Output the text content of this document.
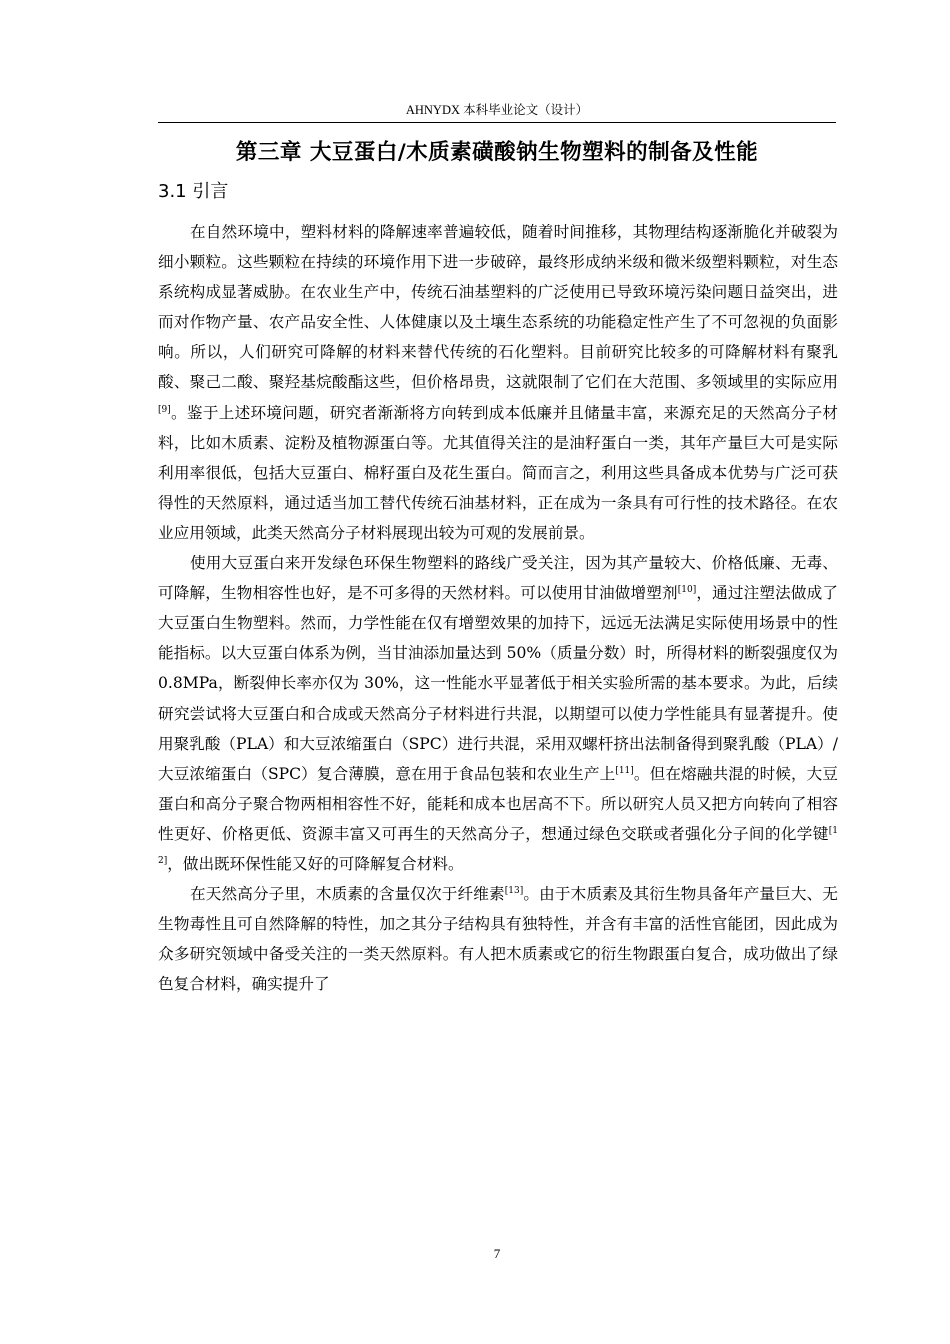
AHNYDX 本科毕业论文（设计）
第三章 大豆蛋白/木质素磺酸钠生物塑料的制备及性能
3.1 引言

在自然环境中，塑料材料的降解速率普遍较低，随着时间推移，其物理结构逐渐脆化并破裂为细小颗粒。这些颗粒在持续的环境作用下进一步破碎，最终形成纳米级和微米级塑料颗粒，对生态系统构成显著威胁。在农业生产中，传统石油基塑料的广泛使用已导致环境污染问题日益突出，进而对作物产量、农产品安全性、人体健康以及土壤生态系统的功能稳定性产生了不可忽视的负面影响。所以，人们研究可降解的材料来替代传统的石化塑料。目前研究比较多的可降解材料有聚乳酸、聚己二酸、聚羟基烷酸酯这些，但价格昂贵，这就限制了它们在大范围、多领域里的实际应用[9]。鉴于上述环境问题，研究者渐渐将方向转到成本低廉并且储量丰富，来源充足的天然高分子材料，比如木质素、淀粉及植物源蛋白等。尤其值得关注的是油籽蛋白一类，其年产量巨大可是实际利用率很低，包括大豆蛋白、棉籽蛋白及花生蛋白。简而言之，利用这些具备成本优势与广泛可获得性的天然原料，通过适当加工替代传统石油基材料，正在成为一条具有可行性的技术路径。在农业应用领域，此类天然高分子材料展现出较为可观的发展前景。

使用大豆蛋白来开发绿色环保生物塑料的路线广受关注，因为其产量较大、价格低廉、无毒、可降解，生物相容性也好，是不可多得的天然材料。可以使用甘油做增塑剂[10]，通过注塑法做成了大豆蛋白生物塑料。然而，力学性能在仅有增塑效果的加持下，远远无法满足实际使用场景中的性能指标。以大豆蛋白体系为例，当甘油添加量达到 50%（质量分数）时，所得材料的断裂强度仅为 0.8MPa，断裂伸长率亦仅为 30%，这一性能水平显著低于相关实验所需的基本要求。为此，后续研究尝试将大豆蛋白和合成或天然高分子材料进行共混，以期望可以使力学性能具有显著提升。使用聚乳酸（PLA）和大豆浓缩蛋白（SPC）进行共混，采用双螺杆挤出法制备得到聚乳酸（PLA）/大豆浓缩蛋白（SPC）复合薄膜，意在用于食品包装和农业生产上[11]。但在熔融共混的时候，大豆蛋白和高分子聚合物两相相容性不好，能耗和成本也居高不下。所以研究人员又把方向转向了相容性更好、价格更低、资源丰富又可再生的天然高分子，想通过绿色交联或者强化分子间的化学键[12]，做出既环保性能又好的可降解复合材料。

在天然高分子里，木质素的含量仅次于纤维素[13]。由于木质素及其衍生物具备年产量巨大、无生物毒性且可自然降解的特性，加之其分子结构具有独特性，并含有丰富的活性官能团，因此成为众多研究领域中备受关注的一类天然原料。有人把木质素或它的衍生物跟蛋白复合，成功做出了绿色复合材料，确实提升了

7
